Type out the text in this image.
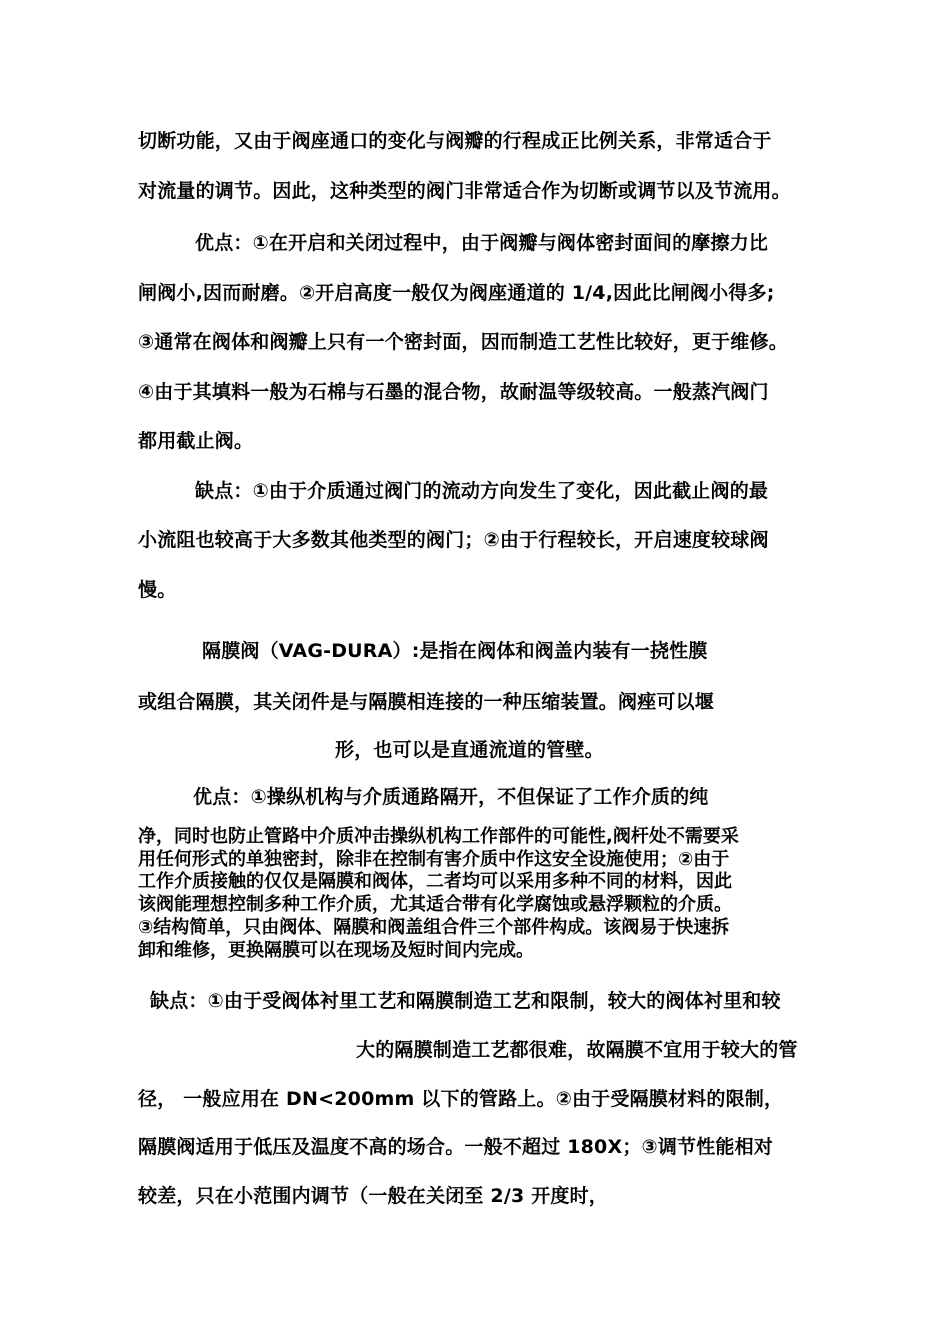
切断功能，又由于阀座通口的变化与阀瓣的行程成正比例关系，非常适合于
对流量的调节。因此，这种类型的阀门非常适合作为切断或调节以及节流用。
优点：①在开启和关闭过程中，由于阀瓣与阀体密封面间的摩擦力比
闸阀小,因而耐磨。②开启高度一般仅为阀座通道的 1/4,因此比闸阀小得多;
③通常在阀体和阀瓣上只有一个密封面，因而制造工艺性比较好，更于维修。
④由于其填料一般为石棉与石墨的混合物，故耐温等级较高。一般蒸汽阀门
都用截止阀。
缺点：①由于介质通过阀门的流动方向发生了变化，因此截止阀的最
小流阻也较高于大多数其他类型的阀门；②由于行程较长，开启速度较球阀
慢。
隔膜阀（VAG-DURA）:是指在阀体和阀盖内装有一挠性膜
或组合隔膜，其关闭件是与隔膜相连接的一种压缩装置。阀痤可以堰
形，也可以是直通流道的管壁。
优点：①操纵机构与介质通路隔开，不但保证了工作介质的纯
净，同时也防止管路中介质冲击操纵机构工作部件的可能性,阀杆处不需要采
用任何形式的单独密封，除非在控制有害介质中作这安全设施使用；②由于
工作介质接触的仅仅是隔膜和阀体，二者均可以采用多种不同的材料，因此
该阀能理想控制多种工作介质，尤其适合带有化学腐蚀或悬浮颗粒的介质。
③结构简单，只由阀体、隔膜和阀盖组合件三个部件构成。该阀易于快速拆
卸和维修，更换隔膜可以在现场及短时间内完成。
缺点：①由于受阀体衬里工艺和隔膜制造工艺和限制，较大的阀体衬里和较
大的隔膜制造工艺都很难，故隔膜不宜用于较大的管
径， 一般应用在 DN<200mm 以下的管路上。②由于受隔膜材料的限制，
隔膜阀适用于低压及温度不高的场合。一般不超过 180X；③调节性能相对
较差，只在小范围内调节（一般在关闭至 2/3 开度时，
